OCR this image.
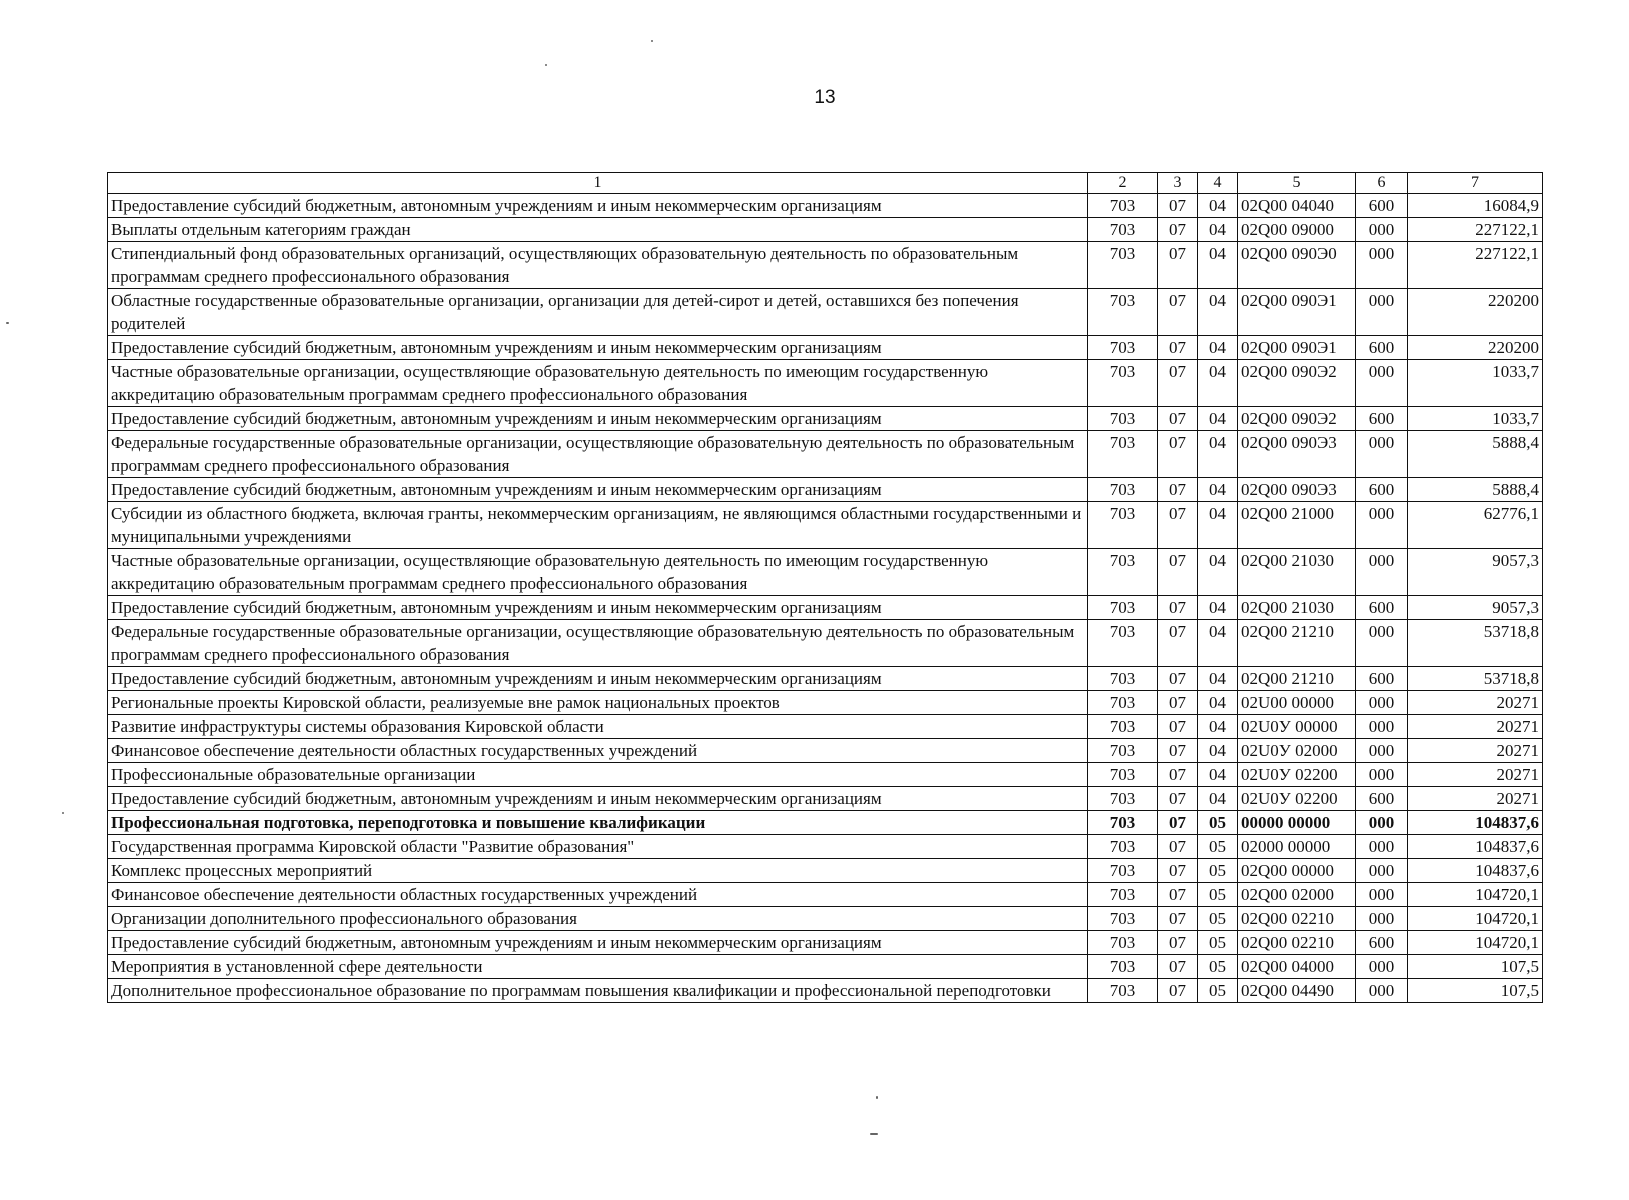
13
1	2	3	4	5	6	7
Предоставление субсидий бюджетным, автономным учреждениям и иным некоммерческим организациям	703	07	04	02Q00 04040	600	16084,9
Выплаты отдельным категориям граждан	703	07	04	02Q00 09000	000	227122,1
Стипендиальный фонд образовательных организаций, осуществляющих образовательную деятельность по образовательным программам среднего профессионального образования	703	07	04	02Q00 090Э0	000	227122,1
Областные государственные образовательные организации, организации для детей-сирот и детей, оставшихся без попечения родителей	703	07	04	02Q00 090Э1	000	220200
Предоставление субсидий бюджетным, автономным учреждениям и иным некоммерческим организациям	703	07	04	02Q00 090Э1	600	220200
Частные образовательные организации, осуществляющие образовательную деятельность по имеющим государственную аккредитацию образовательным программам среднего профессионального образования	703	07	04	02Q00 090Э2	000	1033,7
Предоставление субсидий бюджетным, автономным учреждениям и иным некоммерческим организациям	703	07	04	02Q00 090Э2	600	1033,7
Федеральные государственные образовательные организации, осуществляющие образовательную деятельность по образовательным программам среднего профессионального образования	703	07	04	02Q00 090Э3	000	5888,4
Предоставление субсидий бюджетным, автономным учреждениям и иным некоммерческим организациям	703	07	04	02Q00 090Э3	600	5888,4
Субсидии из областного бюджета, включая гранты, некоммерческим организациям, не являющимся областными государственными и муниципальными учреждениями	703	07	04	02Q00 21000	000	62776,1
Частные образовательные организации, осуществляющие образовательную деятельность по имеющим государственную аккредитацию образовательным программам среднего профессионального образования	703	07	04	02Q00 21030	000	9057,3
Предоставление субсидий бюджетным, автономным учреждениям и иным некоммерческим организациям	703	07	04	02Q00 21030	600	9057,3
Федеральные государственные образовательные организации, осуществляющие образовательную деятельность по образовательным программам среднего профессионального образования	703	07	04	02Q00 21210	000	53718,8
Предоставление субсидий бюджетным, автономным учреждениям и иным некоммерческим организациям	703	07	04	02Q00 21210	600	53718,8
Региональные проекты Кировской области, реализуемые вне рамок национальных проектов	703	07	04	02U00 00000	000	20271
Развитие инфраструктуры системы образования Кировской области	703	07	04	02U0У 00000	000	20271
Финансовое обеспечение деятельности областных государственных учреждений	703	07	04	02U0У 02000	000	20271
Профессиональные образовательные организации	703	07	04	02U0У 02200	000	20271
Предоставление субсидий бюджетным, автономным учреждениям и иным некоммерческим организациям	703	07	04	02U0У 02200	600	20271
Профессиональная подготовка, переподготовка и повышение квалификации	703	07	05	00000 00000	000	104837,6
Государственная программа Кировской области "Развитие образования"	703	07	05	02000 00000	000	104837,6
Комплекс процессных мероприятий	703	07	05	02Q00 00000	000	104837,6
Финансовое обеспечение деятельности областных государственных учреждений	703	07	05	02Q00 02000	000	104720,1
Организации дополнительного профессионального образования	703	07	05	02Q00 02210	000	104720,1
Предоставление субсидий бюджетным, автономным учреждениям и иным некоммерческим организациям	703	07	05	02Q00 02210	600	104720,1
Мероприятия в установленной сфере деятельности	703	07	05	02Q00 04000	000	107,5
Дополнительное профессиональное образование по программам повышения квалификации и профессиональной переподготовки	703	07	05	02Q00 04490	000	107,5
